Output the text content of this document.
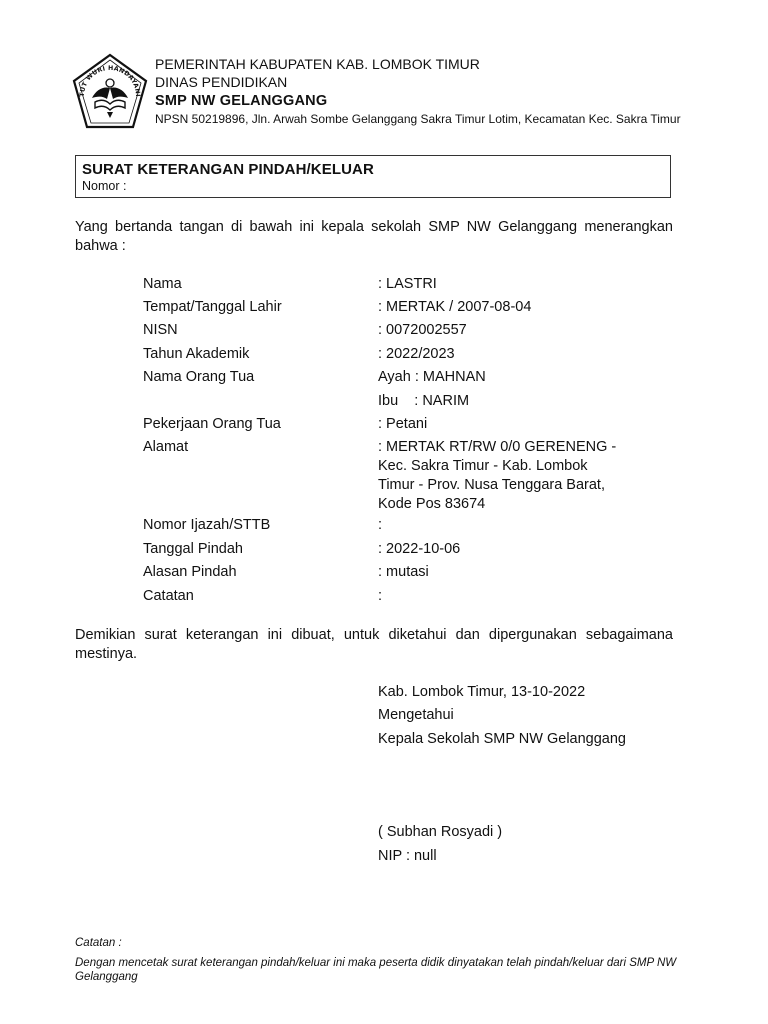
TUT WURI HANDAYANI
PEMERINTAH KABUPATEN KAB. LOMBOK TIMUR
DINAS PENDIDIKAN
SMP NW GELANGGANG
NPSN 50219896, Jln. Arwah Sombe Gelanggang Sakra Timur Lotim, Kecamatan Kec. Sakra Timur
SURAT KETERANGAN PINDAH/KELUAR
Nomor :
Yang bertanda tangan di bawah ini kepala sekolah SMP NW Gelanggang menerangkan bahwa :
Nama	: LASTRI
Tempat/Tanggal Lahir	: MERTAK / 2007-08-04
NISN	: 0072002557
Tahun Akademik	: 2022/2023
Nama Orang Tua	Ayah : MAHNAN
Ibu    : NARIM
Pekerjaan Orang Tua	: Petani
Alamat	: MERTAK RT/RW 0/0 GERENENG - Kec. Sakra Timur - Kab. Lombok Timur - Prov. Nusa Tenggara Barat, Kode Pos 83674
Nomor Ijazah/STTB	:
Tanggal Pindah	: 2022-10-06
Alasan Pindah	: mutasi
Catatan	:
Demikian surat keterangan ini dibuat, untuk diketahui dan dipergunakan sebagaimana mestinya.
Kab. Lombok Timur, 13-10-2022
Mengetahui
Kepala Sekolah SMP NW Gelanggang
( Subhan Rosyadi )
NIP : null
Catatan :
Dengan mencetak surat keterangan pindah/keluar ini maka peserta didik dinyatakan telah pindah/keluar dari SMP NW Gelanggang
